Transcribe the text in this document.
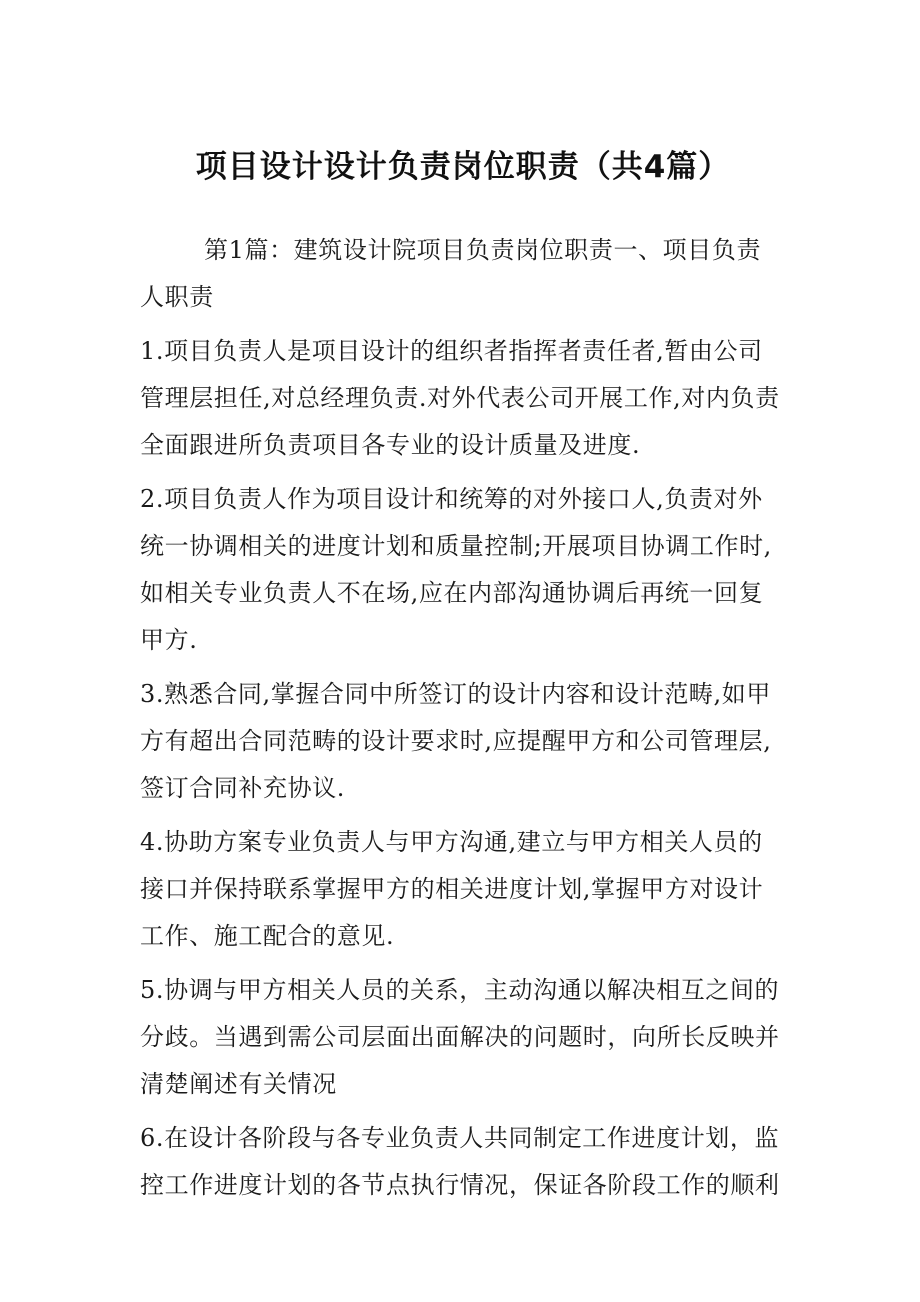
项目设计设计负责岗位职责（共4篇）

第1篇：建筑设计院项目负责岗位职责一、项目负责人职责

1.项目负责人是项目设计的组织者指挥者责任者,暂由公司管理层担任,对总经理负责.对外代表公司开展工作,对内负责全面跟进所负责项目各专业的设计质量及进度.

2.项目负责人作为项目设计和统筹的对外接口人,负责对外统一协调相关的进度计划和质量控制;开展项目协调工作时,如相关专业负责人不在场,应在内部沟通协调后再统一回复甲方.

3.熟悉合同,掌握合同中所签订的设计内容和设计范畴,如甲方有超出合同范畴的设计要求时,应提醒甲方和公司管理层,签订合同补充协议.

4.协助方案专业负责人与甲方沟通,建立与甲方相关人员的接口并保持联系掌握甲方的相关进度计划,掌握甲方对设计工作、施工配合的意见.

5.协调与甲方相关人员的关系，主动沟通以解决相互之间的分歧。当遇到需公司层面出面解决的问题时，向所长反映并清楚阐述有关情况

6.在设计各阶段与各专业负责人共同制定工作进度计划，监控工作进度计划的各节点执行情况，保证各阶段工作的顺利
